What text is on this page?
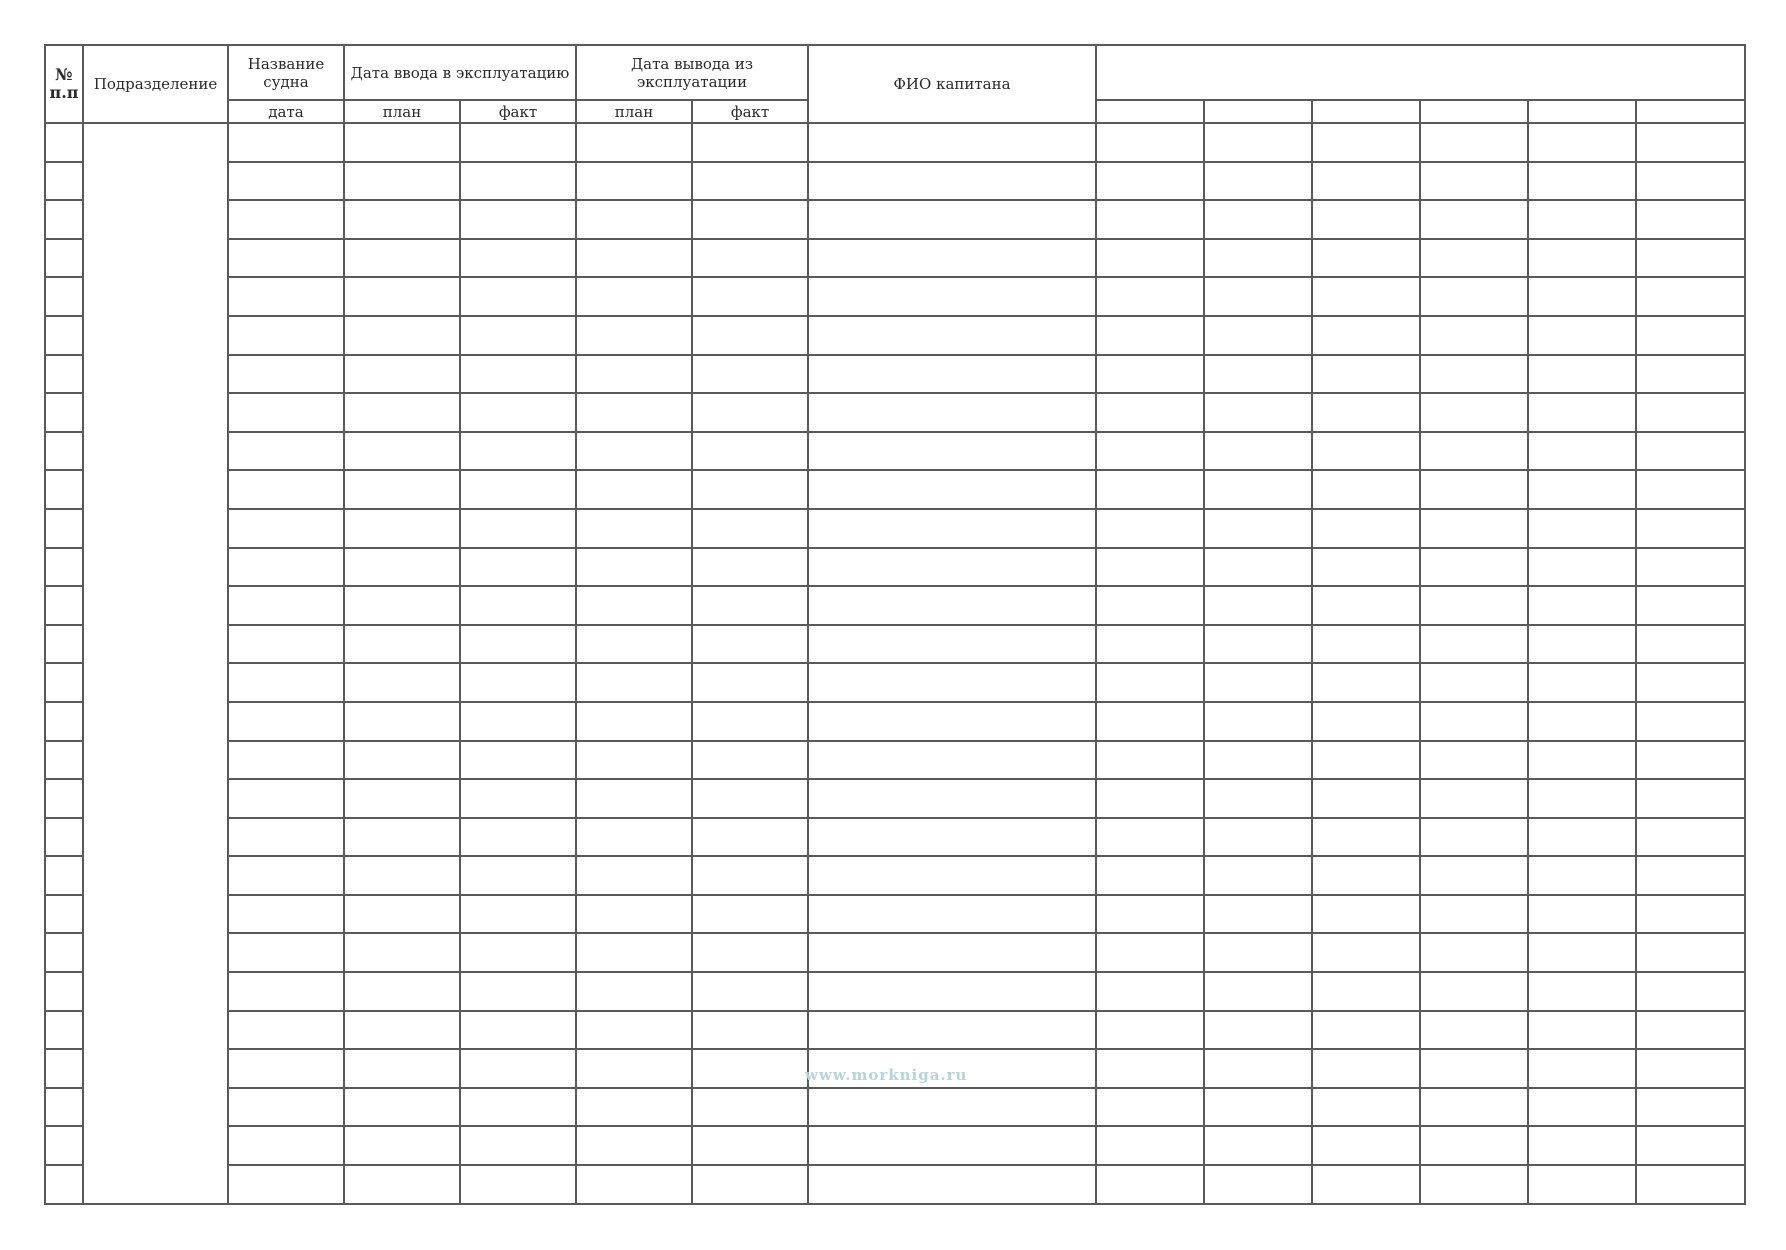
№ п.п	Подразделение	Название судна	Дата ввода в эксплуатацию		Дата вывода из эксплуатации		ФИО капитана						
		дата	план	факт	план	факт							

www.morkniga.ru
